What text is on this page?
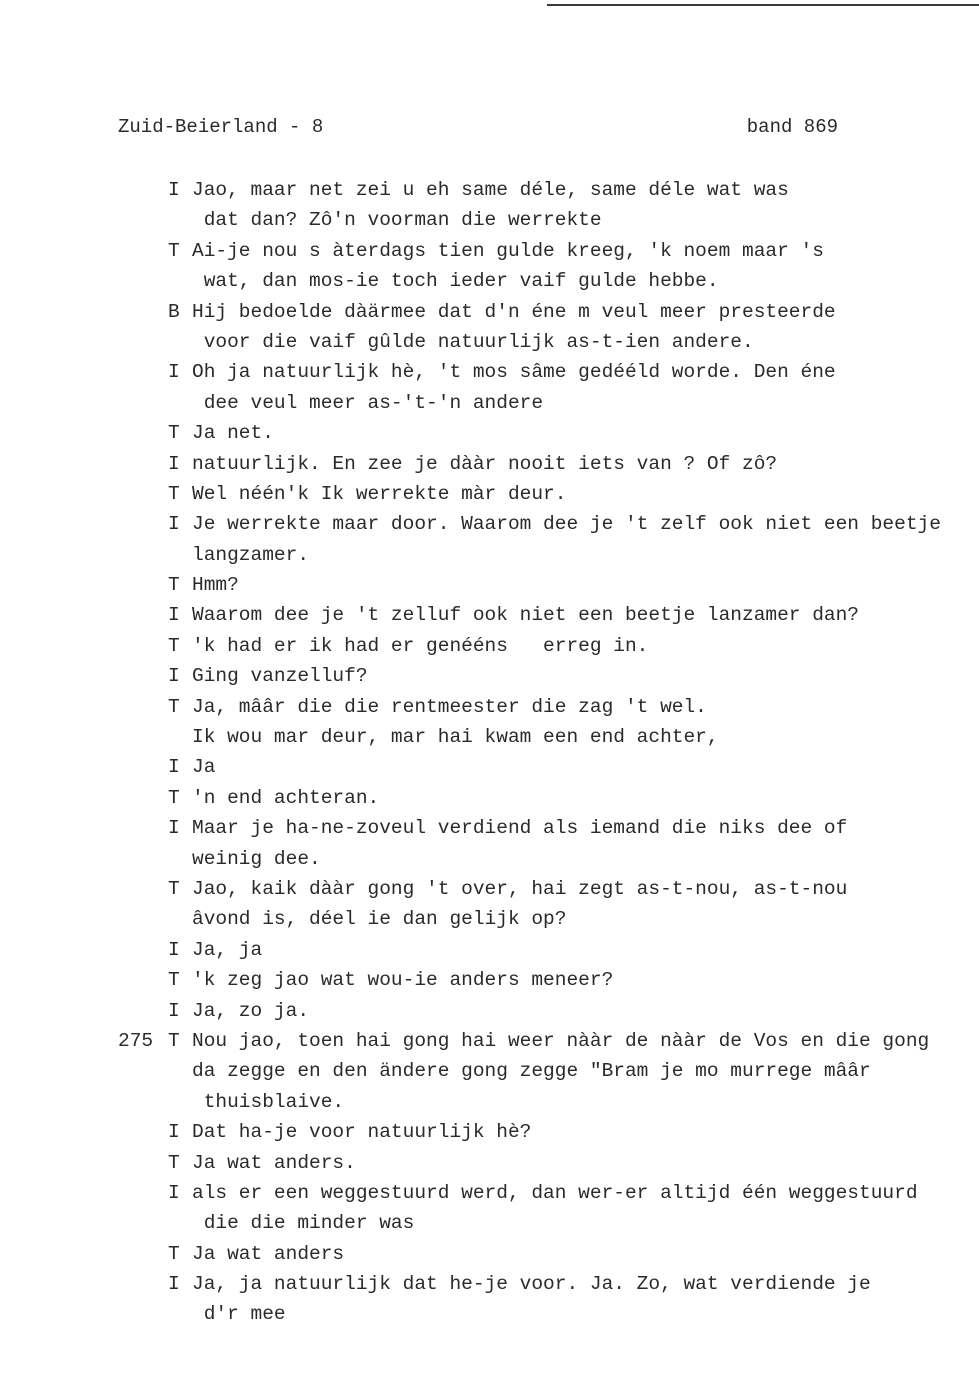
Zuid-Beierland - 8	band 869
I Jao, maar net zei u eh same déle, same déle wat was
dat dan? Zô'n voorman die werrekte
T Ai-je nou s àterdags tien gulde kreeg, 'k noem maar 's
wat, dan mos-ie toch ieder vaif gulde hebbe.
B Hij bedoelde dàärmee dat d'n éne m veul meer presteerde
voor die vaif gûlde natuurlijk as-t-ien andere.
I Oh ja natuurlijk hè, 't mos sâme gedééld worde. Den éne
dee veul meer as-'t-'n andere
T Ja net.
I natuurlijk. En zee je dààr nooit iets van ? Of zô?
T Wel néén'k Ik werrekte màr deur.
I Je werrekte maar door. Waarom dee je 't zelf ook niet een beetje
langzamer.
T Hmm?
I Waarom dee je 't zelluf ook niet een beetje lanzamer dan?
T 'k had er ik had er genééns   erreg in.
I Ging vanzelluf?
T Ja, mââr die die rentmeester die zag 't wel.
Ik wou mar deur, mar hai kwam een end achter,
I Ja
T 'n end achteran.
I Maar je ha-ne-zoveul verdiend als iemand die niks dee of
weinig dee.
T Jao, kaik dààr gong 't over, hai zegt as-t-nou, as-t-nou
âvond is, déel ie dan gelijk op?
I Ja, ja
T 'k zeg jao wat wou-ie anders meneer?
I Ja, zo ja.
275 T Nou jao, toen hai gong hai weer nààr de nààr de Vos en die gong
da zegge en den ändere gong zegge "Bram je mo murrege mââr
thuisblaive.
I Dat ha-je voor natuurlijk hè?
T Ja wat anders.
I als er een weggestuurd werd, dan wer-er altijd één weggestuurd
die die minder was
T Ja wat anders
I Ja, ja natuurlijk dat he-je voor. Ja. Zo, wat verdiende je
d'r mee
